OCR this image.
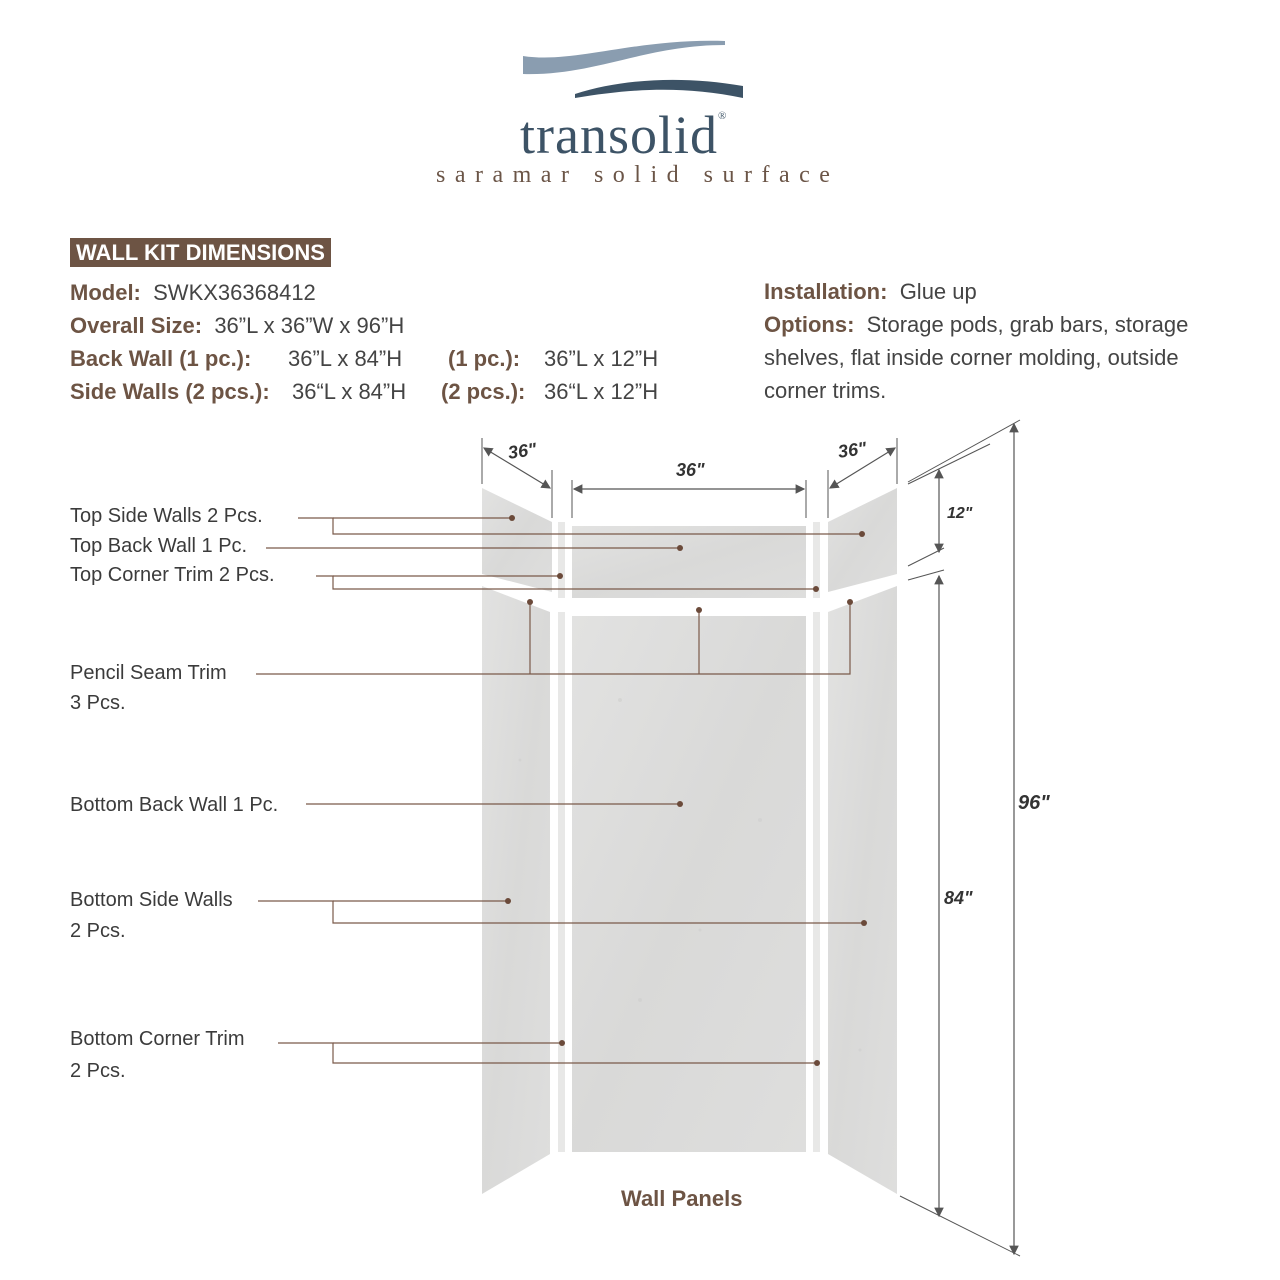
transolid®
saramar solid surface
WALL KIT DIMENSIONS
Model: SWKX36368412
Overall Size: 36”L x 36”W x 96”H
Back Wall (1 pc.): 36”L x 84”H (1 pc.): 36”L x 12”H
Side Walls (2 pcs.): 36“L x 84”H (2 pcs.): 36“L x 12”H
Installation: Glue up
Options: Storage pods, grab bars, storage
shelves, flat inside corner molding, outside
corner trims.
36"
36"
36"
12"
84"
96"
Top Side Walls 2 Pcs.
Top Back Wall 1 Pc.
Top Corner Trim 2 Pcs.
Pencil Seam Trim
3 Pcs.
Bottom Back Wall 1 Pc.
Bottom Side Walls
2 Pcs.
Bottom Corner Trim
2 Pcs.
Wall Panels
